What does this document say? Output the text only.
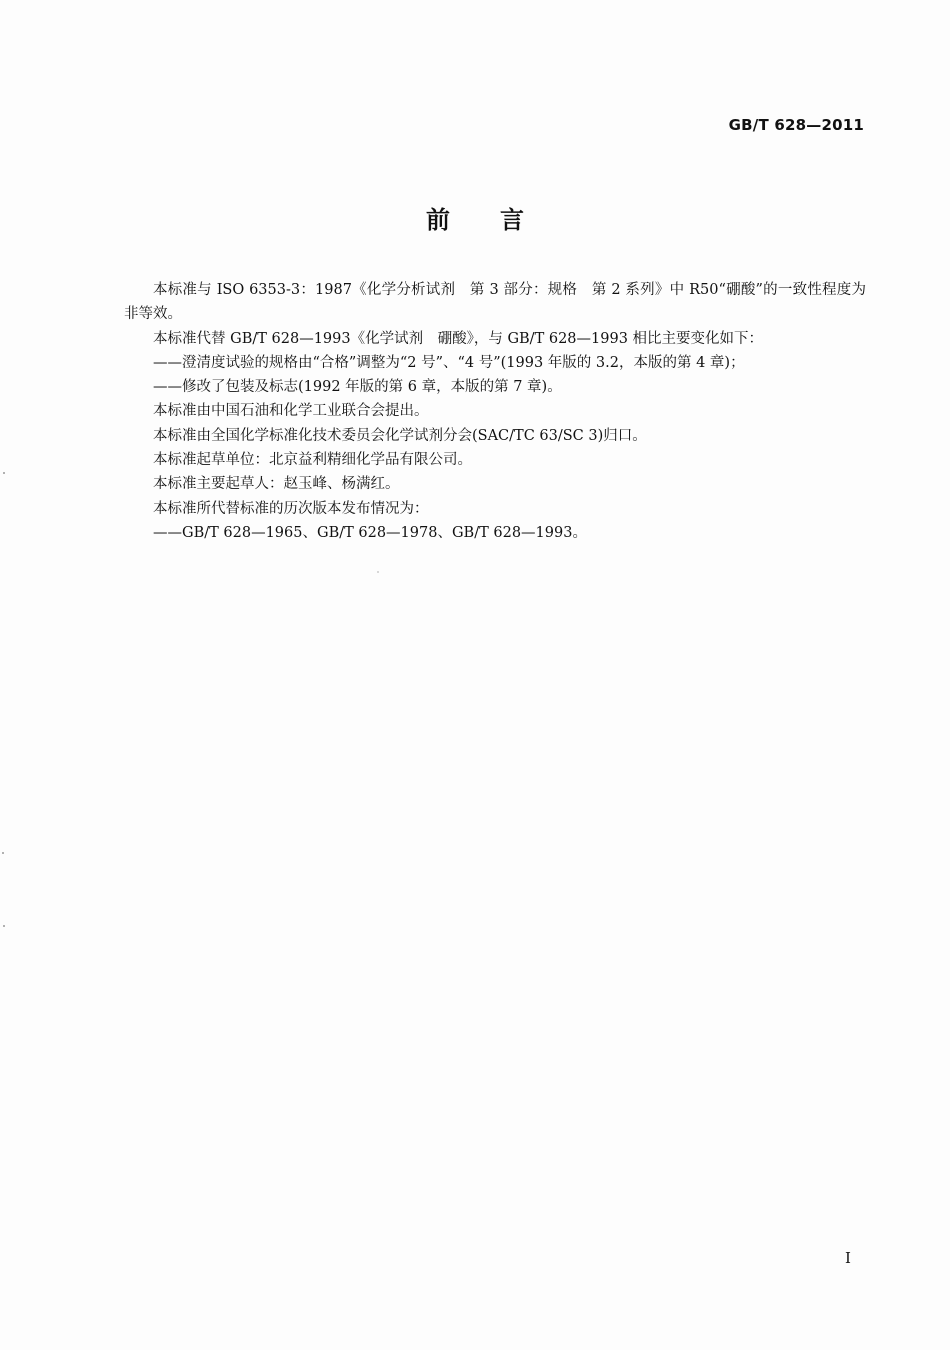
GB/T 628—2011
前言

本标准与 ISO 6353-3：1987《化学分析试剂　第 3 部分：规格　第 2 系列》中 R50“硼酸”的一致性程度为非等效。

本标准代替 GB/T 628—1993《化学试剂　硼酸》，与 GB/T 628—1993 相比主要变化如下：

——澄清度试验的规格由“合格”调整为“2 号”、“4 号”(1993 年版的 3.2，本版的第 4 章)；

——修改了包装及标志(1992 年版的第 6 章，本版的第 7 章)。

本标准由中国石油和化学工业联合会提出。

本标准由全国化学标准化技术委员会化学试剂分会(SAC/TC 63/SC 3)归口。

本标准起草单位：北京益利精细化学品有限公司。

本标准主要起草人：赵玉峰、杨满红。

本标准所代替标准的历次版本发布情况为：

——GB/T 628—1965、GB/T 628—1978、GB/T 628—1993。

I
